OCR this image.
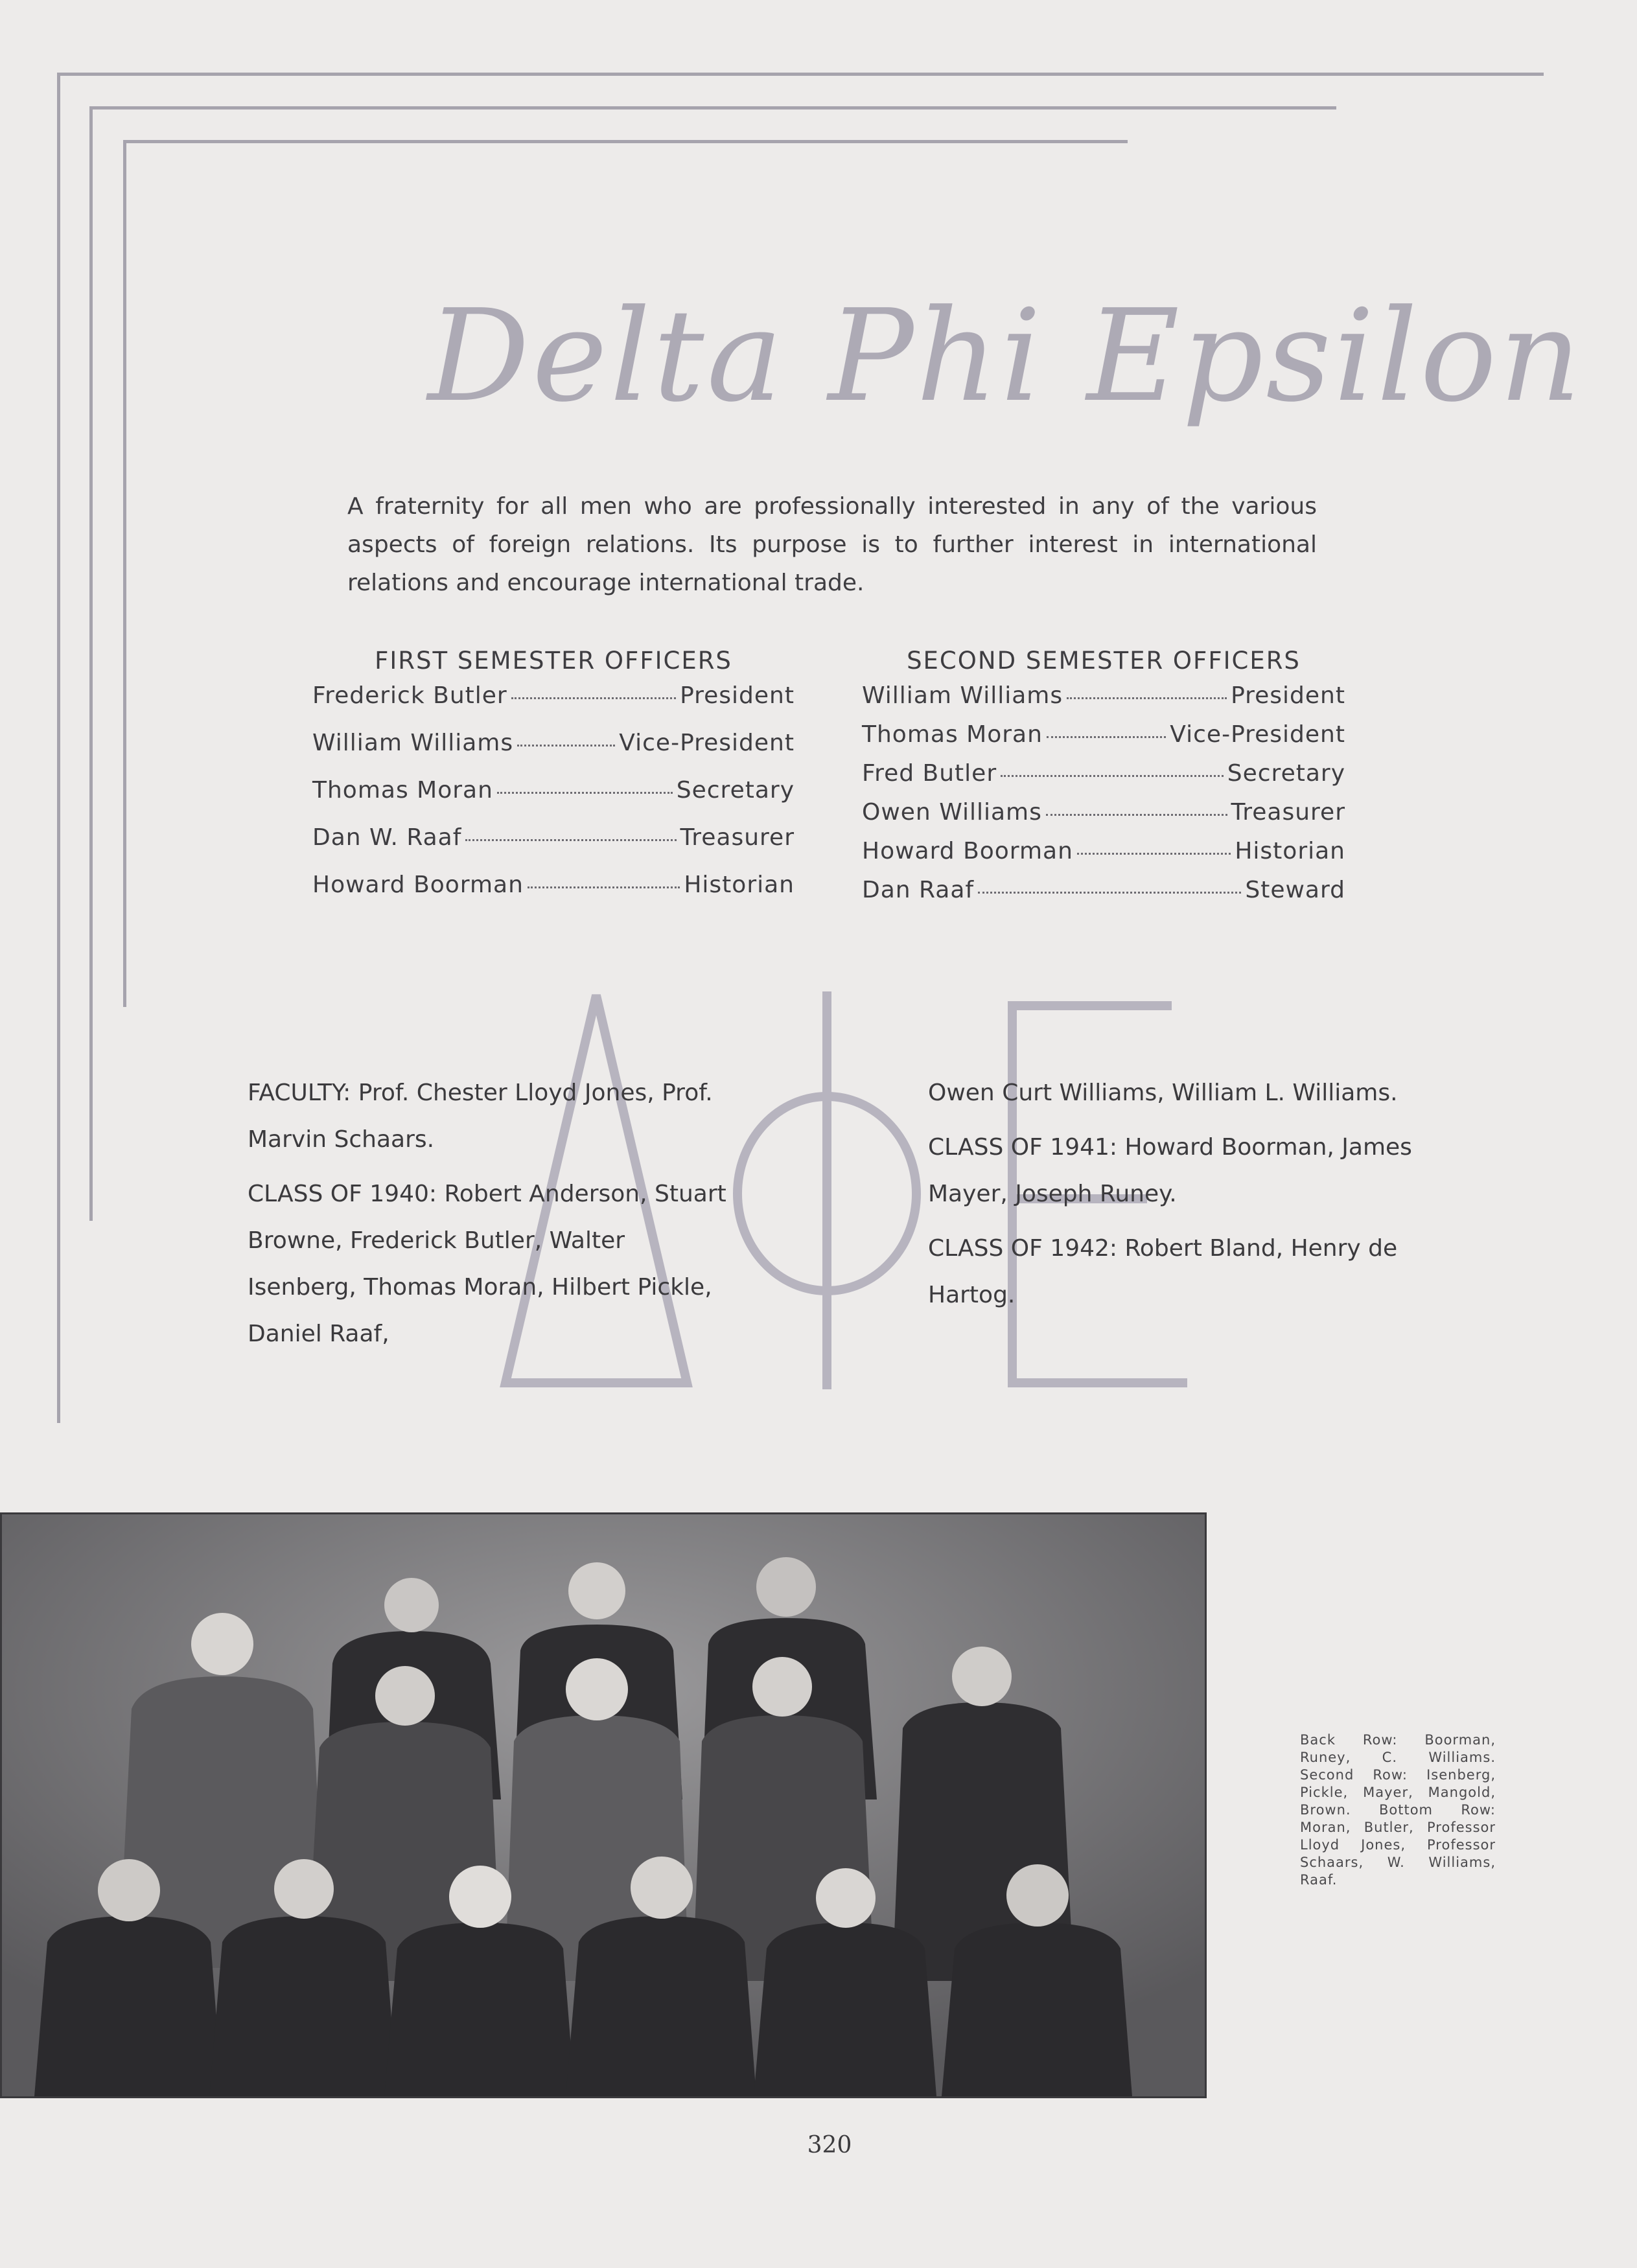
Delta Phi Epsilon
A fraternity for all men who are professionally interested in any of the various aspects of foreign relations. Its purpose is to further interest in international relations and encourage international trade.
FIRST SEMESTER OFFICERS
Frederick Butler	President
William Williams	Vice-President
Thomas Moran	Secretary
Dan W. Raaf	Treasurer
Howard Boorman	Historian
SECOND SEMESTER OFFICERS
William Williams	President
Thomas Moran	Vice-President
Fred Butler	Secretary
Owen Williams	Treasurer
Howard Boorman	Historian
Dan Raaf	Steward

FACULTY: Prof. Chester Lloyd Jones, Prof. Marvin Schaars.

CLASS OF 1940: Robert Anderson, Stuart Browne, Frederick Butler, Walter Isenberg, Thomas Moran, Hilbert Pickle, Daniel Raaf,

Owen Curt Williams, William L. Williams.

CLASS OF 1941: Howard Boorman, James Mayer, Joseph Runey.

CLASS OF 1942: Robert Bland, Henry de Hartog.

Back Row: Boorman, Runey, C. Williams. Second Row: Isenberg, Pickle, Mayer, Mangold, Brown. Bottom Row: Moran, Butler, Professor Lloyd Jones, Professor Schaars, W. Williams, Raaf.
320
